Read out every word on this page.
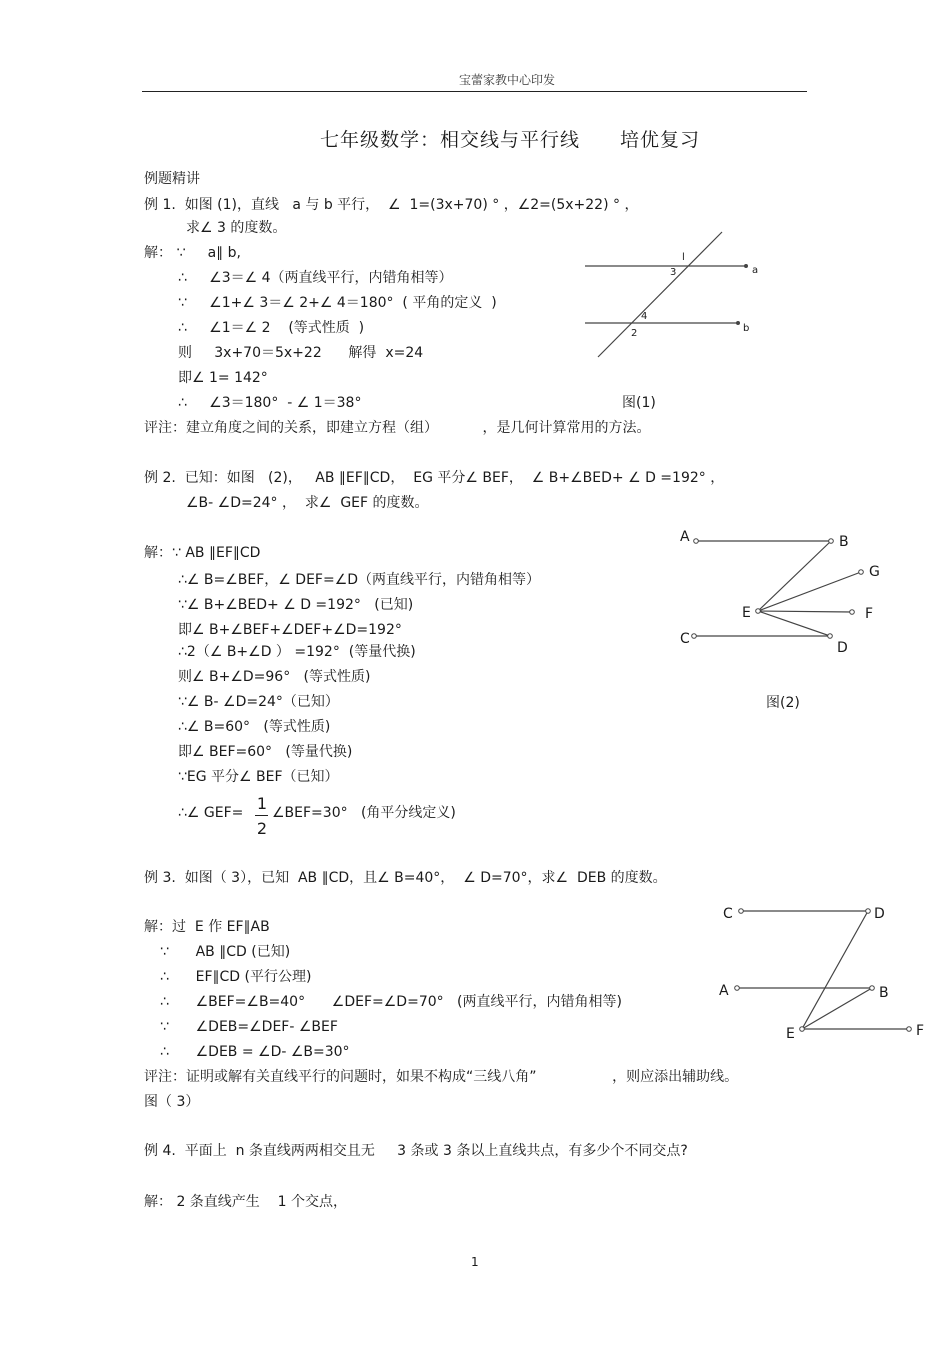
宝蕾家教中心印发
七年级数学：相交线与平行线　　培优复习
例题精讲
例 1.  如图 (1)，直线   a 与 b 平行，  ∠  1=(3x+70) ° ，∠2=(5x+22) ° ，
求∠ 3 的度数。
解： ∵     a∥ b,
∴     ∠3＝∠ 4（两直线平行，内错角相等）
∵     ∠1+∠ 3＝∠ 2+∠ 4＝180°  ( 平角的定义  )
∴     ∠1＝∠ 2    (等式性质  )
则     3x+70＝5x+22      解得  x=24
即∠ 1= 142°
∴     ∠3＝180°  - ∠ 1＝38°	图(1)
评注：建立角度之间的关系，即建立方程（组）          ，是几何计算常用的方法。
l
a
b
3
4
2
例 2.  已知：如图   (2)，   AB ∥EF∥CD，  EG 平分∠ BEF，  ∠ B+∠BED+ ∠ D =192° ，
∠B- ∠D=24° ，  求∠  GEF 的度数。
解：∵ AB ∥EF∥CD
∴∠ B=∠BEF，∠ DEF=∠D（两直线平行，内错角相等）
∵∠ B+∠BED+ ∠ D =192°   (已知)
即∠ B+∠BEF+∠DEF+∠D=192°
∴2（∠ B+∠D ） =192°  (等量代换)
则∠ B+∠D=96°   (等式性质)
∵∠ B- ∠D=24°（已知）
∴∠ B=60°   (等式性质)
即∠ BEF=60°   (等量代换)
∵EG 平分∠ BEF（已知）
∴∠ GEF= 1
2
∠BEF=30°   (角平分线定义)
图(2)
A	B
G
E	F
C
D
例 3.  如图（ 3），已知  AB ∥CD，且∠ B=40°，  ∠ D=70°，求∠  DEB 的度数。
解：过  E 作 EF∥AB
∵      AB ∥CD (已知)
∴      EF∥CD (平行公理)
∴      ∠BEF=∠B=40°      ∠DEF=∠D=70°   (两直线平行，内错角相等)
∵      ∠DEB=∠DEF- ∠BEF
∴      ∠DEB = ∠D- ∠B=30°
评注：证明或解有关直线平行的问题时，如果不构成“三线八角”                 ，则应添出辅助线。
图（ 3）
C	D
A	B
E	F
例 4.  平面上  n 条直线两两相交且无     3 条或 3 条以上直线共点，有多少个不同交点?
解： 2 条直线产生    1 个交点，
1
